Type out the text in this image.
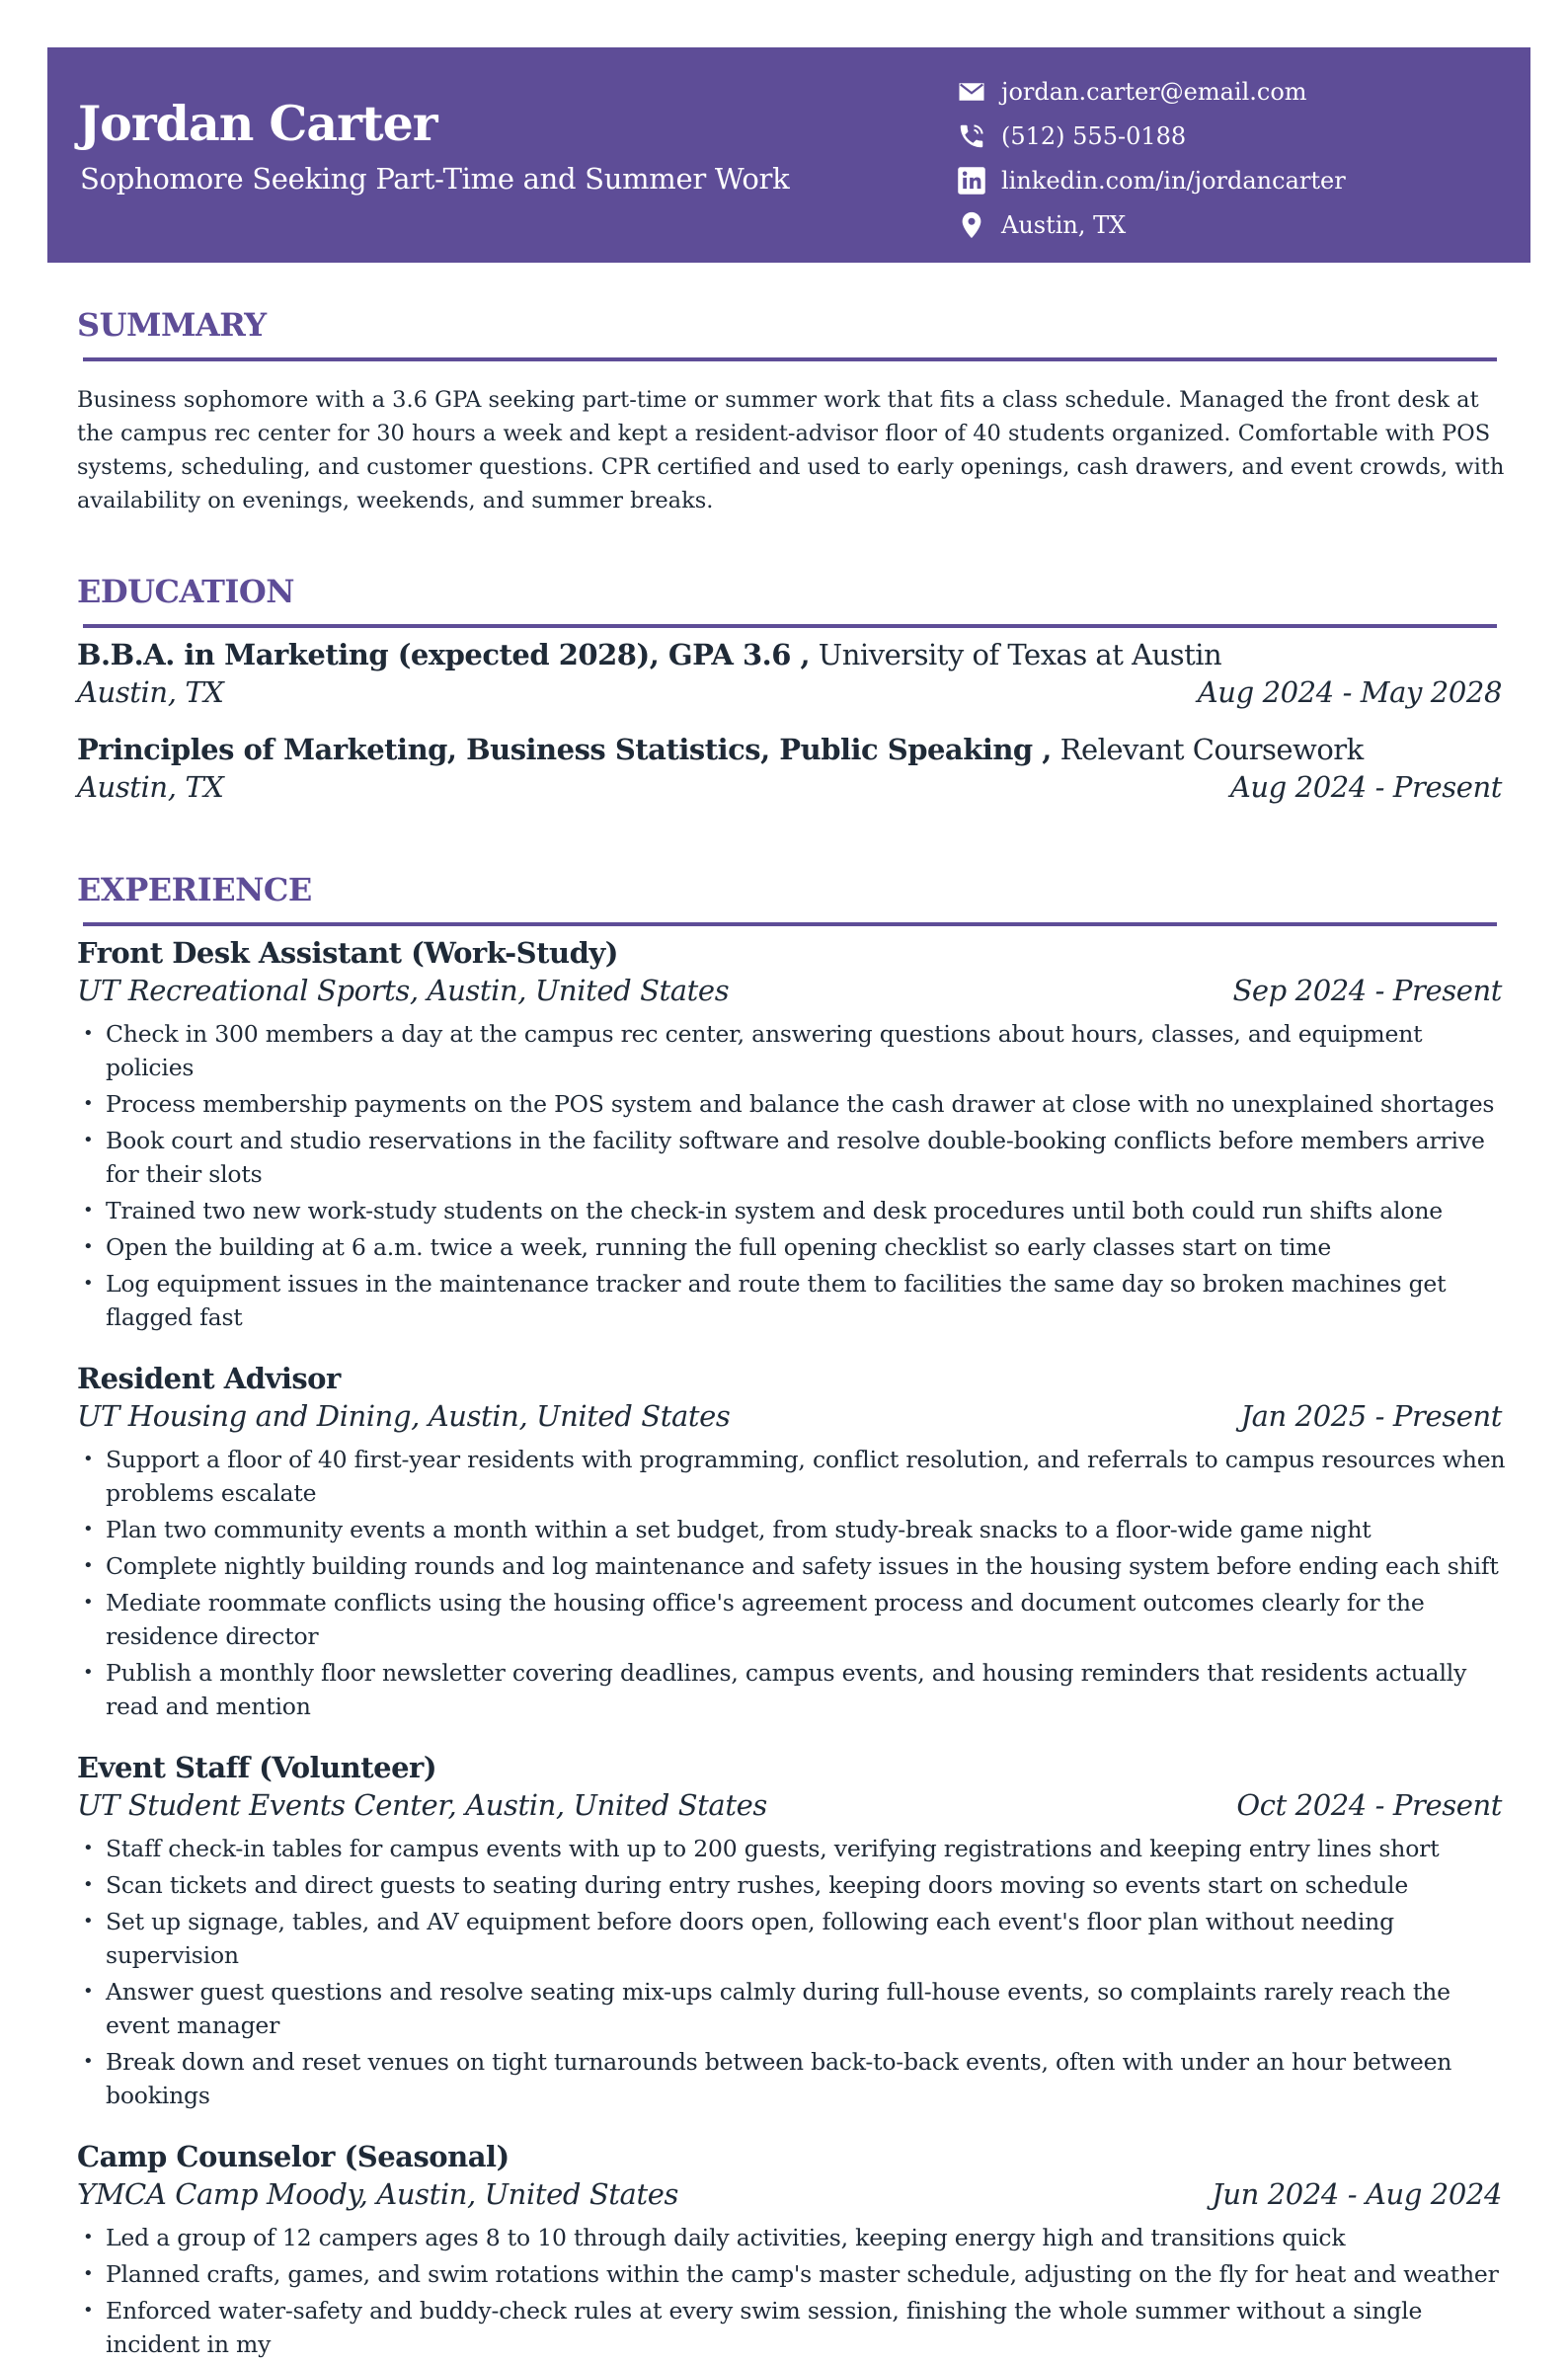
Jordan Carter
Sophomore Seeking Part-Time and Summer Work
jordan.carter@email.com
(512) 555-0188
linkedin.com/in/jordancarter
Austin, TX
SUMMARY
Business sophomore with a 3.6 GPA seeking part-time or summer work that fits a class schedule. Managed the front desk at the campus rec center for 30 hours a week and kept a resident-advisor floor of 40 students organized. Comfortable with POS systems, scheduling, and customer questions. CPR certified and used to early openings, cash drawers, and event crowds, with availability on evenings, weekends, and summer breaks.
EDUCATION
B.B.A. in Marketing (expected 2028), GPA 3.6 , University of Texas at Austin
Austin, TX	Aug 2024 - May 2028
Principles of Marketing, Business Statistics, Public Speaking , Relevant Coursework
Austin, TX	Aug 2024 - Present
EXPERIENCE
Front Desk Assistant (Work-Study)
UT Recreational Sports, Austin, United States	Sep 2024 - Present
• Check in 300 members a day at the campus rec center, answering questions about hours, classes, and equipment policies
• Process membership payments on the POS system and balance the cash drawer at close with no unexplained shortages
• Book court and studio reservations in the facility software and resolve double-booking conflicts before members arrive for their slots
• Trained two new work-study students on the check-in system and desk procedures until both could run shifts alone
• Open the building at 6 a.m. twice a week, running the full opening checklist so early classes start on time
• Log equipment issues in the maintenance tracker and route them to facilities the same day so broken machines get flagged fast
Resident Advisor
UT Housing and Dining, Austin, United States	Jan 2025 - Present
• Support a floor of 40 first-year residents with programming, conflict resolution, and referrals to campus resources when problems escalate
• Plan two community events a month within a set budget, from study-break snacks to a floor-wide game night
• Complete nightly building rounds and log maintenance and safety issues in the housing system before ending each shift
• Mediate roommate conflicts using the housing office's agreement process and document outcomes clearly for the residence director
• Publish a monthly floor newsletter covering deadlines, campus events, and housing reminders that residents actually read and mention
Event Staff (Volunteer)
UT Student Events Center, Austin, United States	Oct 2024 - Present
• Staff check-in tables for campus events with up to 200 guests, verifying registrations and keeping entry lines short
• Scan tickets and direct guests to seating during entry rushes, keeping doors moving so events start on schedule
• Set up signage, tables, and AV equipment before doors open, following each event's floor plan without needing supervision
• Answer guest questions and resolve seating mix-ups calmly during full-house events, so complaints rarely reach the event manager
• Break down and reset venues on tight turnarounds between back-to-back events, often with under an hour between bookings
Camp Counselor (Seasonal)
YMCA Camp Moody, Austin, United States	Jun 2024 - Aug 2024
• Led a group of 12 campers ages 8 to 10 through daily activities, keeping energy high and transitions quick
• Planned crafts, games, and swim rotations within the camp's master schedule, adjusting on the fly for heat and weather
• Enforced water-safety and buddy-check rules at every swim session, finishing the whole summer without a single incident in my
